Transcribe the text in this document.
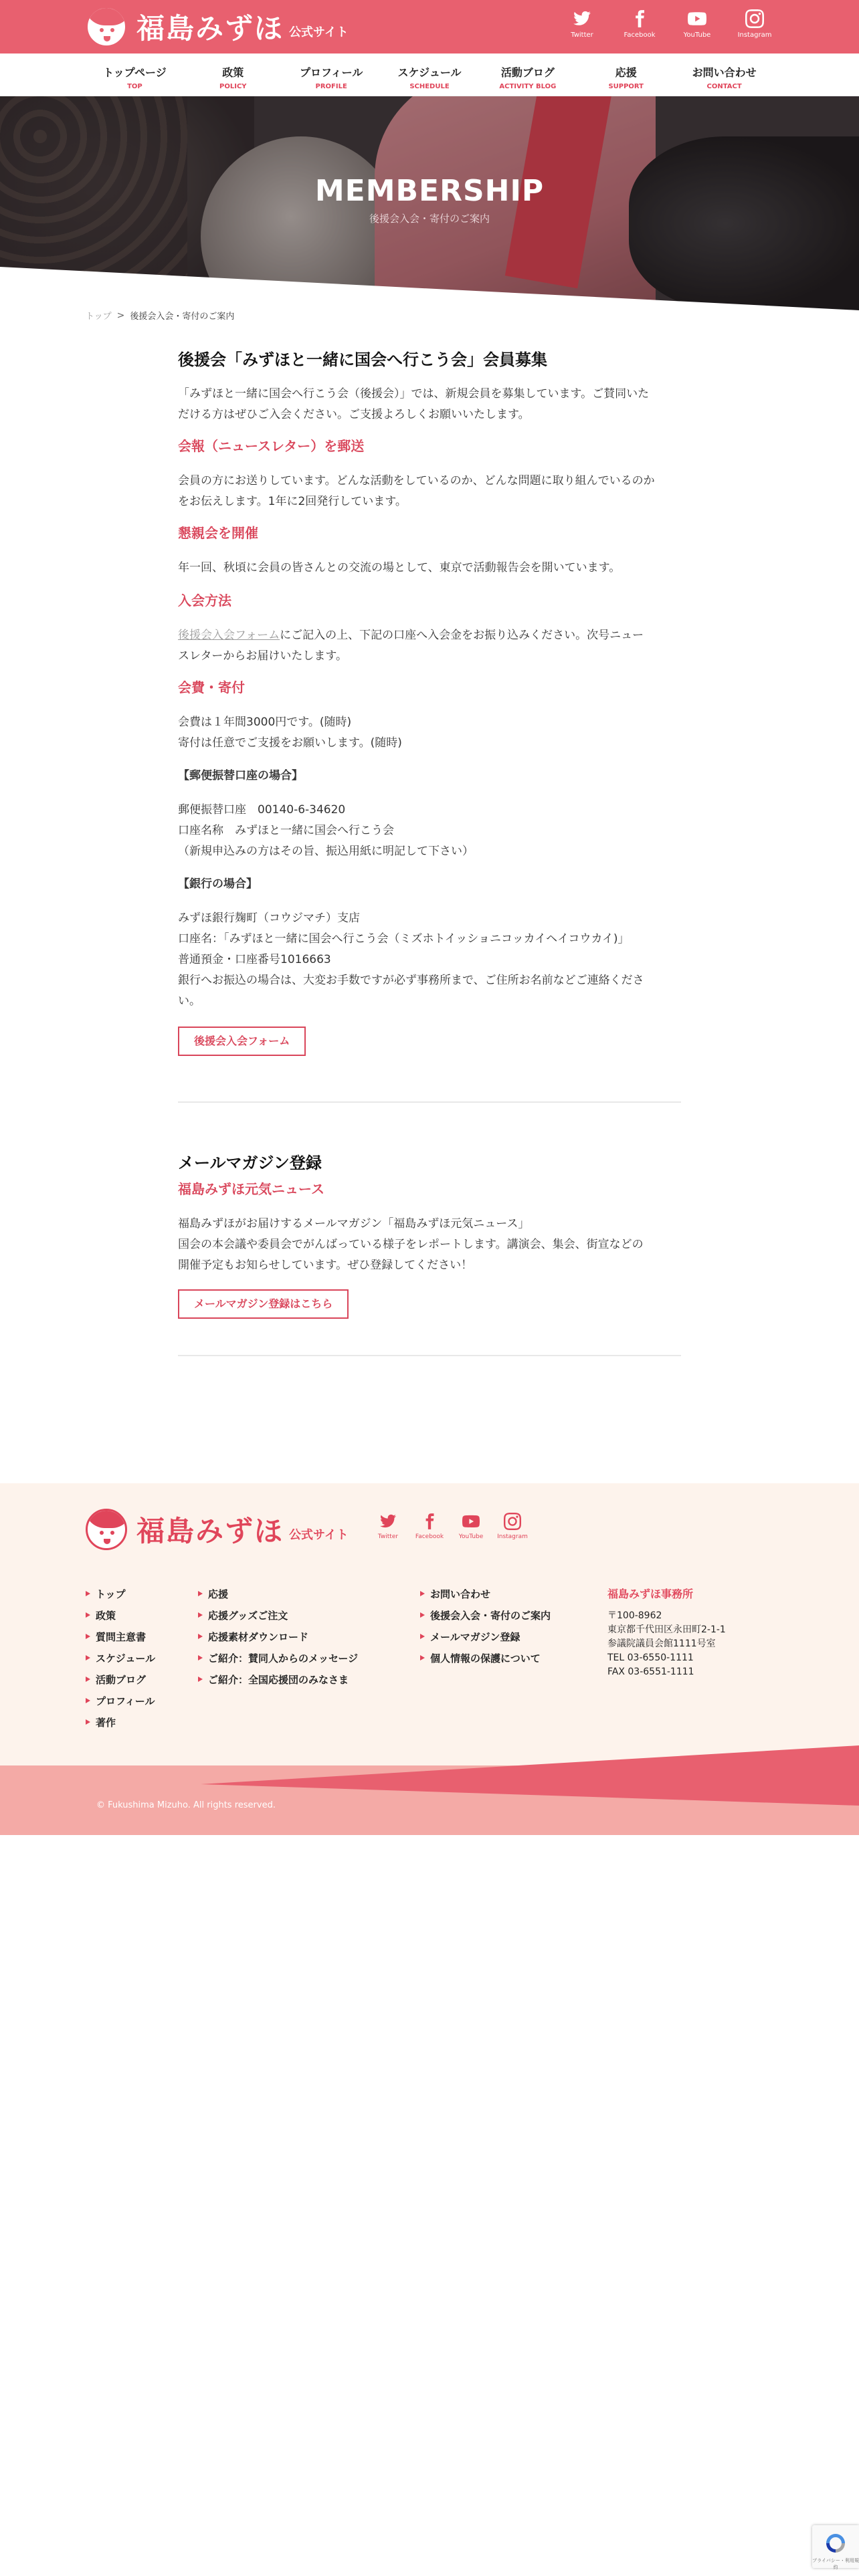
福島みずほ 公式サイト	Twitter	Facebook	YouTube	Instagram
トップページ
TOP
政策
POLICY
プロフィール
PROFILE
スケジュール
SCHEDULE
活動ブログ
ACTIVITY BLOG
応援
SUPPORT
お問い合わせ
CONTACT
MEMBERSHIP
後援会入会・寄付のご案内
トップ > 後援会入会・寄付のご案内
後援会「みずほと一緒に国会へ行こう会」会員募集
「みずほと一緒に国会へ行こう会（後援会）」では、新規会員を募集しています。ご賛同いた
だける方はぜひご入会ください。ご支援よろしくお願いいたします。
会報（ニュースレター）を郵送
会員の方にお送りしています。どんな活動をしているのか、どんな問題に取り組んでいるのか
をお伝えします。1年に2回発行しています。
懇親会を開催
年一回、秋頃に会員の皆さんとの交流の場として、東京で活動報告会を開いています。
入会方法
後援会入会フォームにご記入の上、下記の口座へ入会金をお振り込みください。次号ニュー
スレターからお届けいたします。
会費・寄付
会費は１年間3000円です。(随時)
寄付は任意でご支援をお願いします。(随時)
【郵便振替口座の場合】
郵便振替口座　00140-6-34620
口座名称　みずほと一緒に国会へ行こう会
（新規申込みの方はその旨、振込用紙に明記して下さい）
【銀行の場合】
みずほ銀行麹町（コウジマチ）支店
口座名：「みずほと一緒に国会へ行こう会（ミズホトイッショニコッカイヘイコウカイ)」
普通預金・口座番号1016663
銀行へお振込の場合は、大変お手数ですが必ず事務所まで、ご住所お名前などご連絡くださ
い。
後援会入会フォーム
メールマガジン登録
福島みずほ元気ニュース
福島みずほがお届けするメールマガジン「福島みずほ元気ニュース」
国会の本会議や委員会でがんばっている様子をレポートします。講演会、集会、街宣などの
開催予定もお知らせしています。ぜひ登録してください！
メールマガジン登録はこちら
福島みずほ 公式サイト	Twitter	Facebook	YouTube	Instagram
トップ
政策
質問主意書
スケジュール
活動ブログ
プロフィール
著作
応援
応援グッズご注文
応援素材ダウンロード
ご紹介：賛同人からのメッセージ
ご紹介：全国応援団のみなさま
お問い合わせ
後援会入会・寄付のご案内
メールマガジン登録
個人情報の保護について
福島みずほ事務所
〒100-8962
東京都千代田区永田町2-1-1
参議院議員会館1111号室
TEL 03-6550-1111
FAX 03-6551-1111
© Fukushima Mizuho. All rights reserved.
プライバシー・利用規約
